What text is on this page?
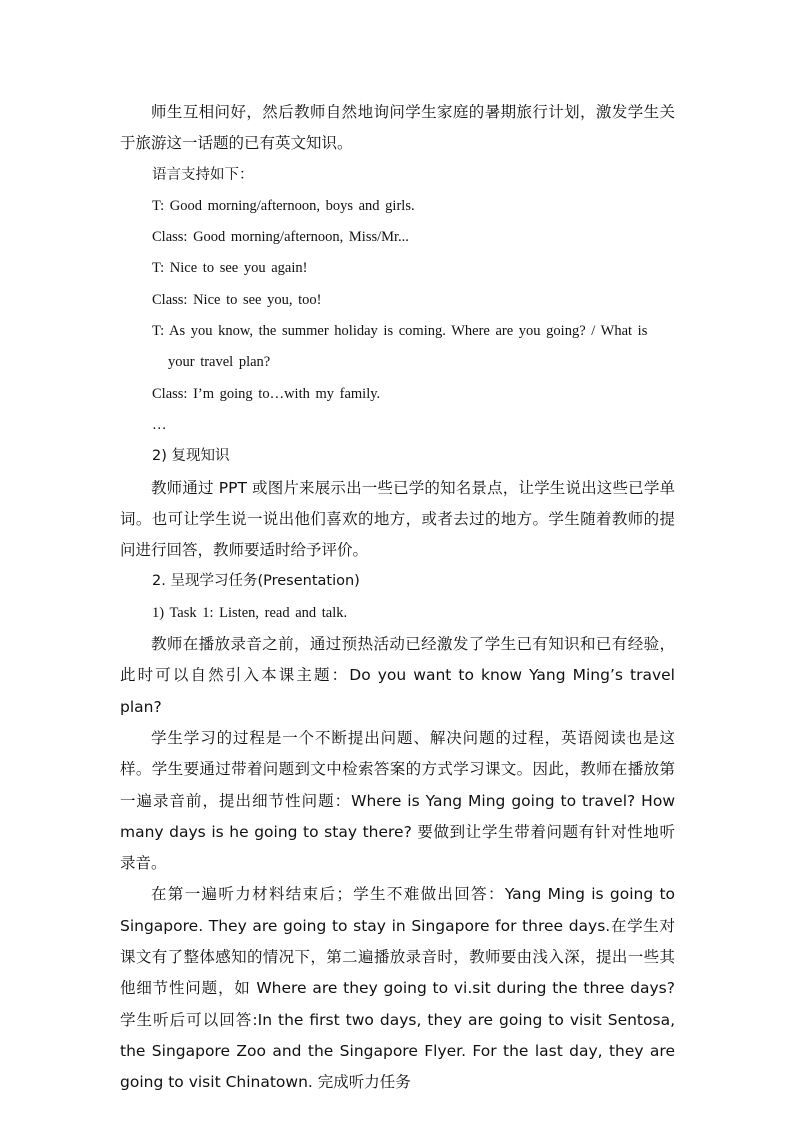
师生互相问好，然后教师自然地询问学生家庭的暑期旅行计划，激发学生关于旅游这一话题的已有英文知识。

语言支持如下：

T: Good morning/afternoon, boys and girls.

Class: Good morning/afternoon, Miss/Mr...

T: Nice to see you again!

Class: Nice to see you, too!

T: As you know, the summer holiday is coming. Where are you going? / What is your travel plan?

Class: I’m going to…with my family.

…

2) 复现知识

教师通过 PPT 或图片来展示出一些已学的知名景点，让学生说出这些已学单词。也可让学生说一说出他们喜欢的地方，或者去过的地方。学生随着教师的提问进行回答，教师要适时给予评价。

2. 呈现学习任务(Presentation)

1) Task 1: Listen, read and talk.

教师在播放录音之前，通过预热活动已经激发了学生已有知识和已有经验，此时可以自然引入本课主题：Do you want to know Yang Ming’s travel plan?

学生学习的过程是一个不断提出问题、解决问题的过程，英语阅读也是这样。学生要通过带着问题到文中检索答案的方式学习课文。因此，教师在播放第一遍录音前，提出细节性问题：Where is Yang Ming going to travel? How many days is he going to stay there? 要做到让学生带着问题有针对性地听录音。

在第一遍听力材料结束后；学生不难做出回答：Yang Ming is going to Singapore. They are going to stay in Singapore for three days.在学生对课文有了整体感知的情况下，第二遍播放录音时，教师要由浅入深，提出一些其他细节性问题，如 Where are they going to vi.sit during the three days?学生听后可以回答:In the first two days, they are going to visit Sentosa, the Singapore Zoo and the Singapore Flyer. For the last day, they are going to visit Chinatown. 完成听力任务
